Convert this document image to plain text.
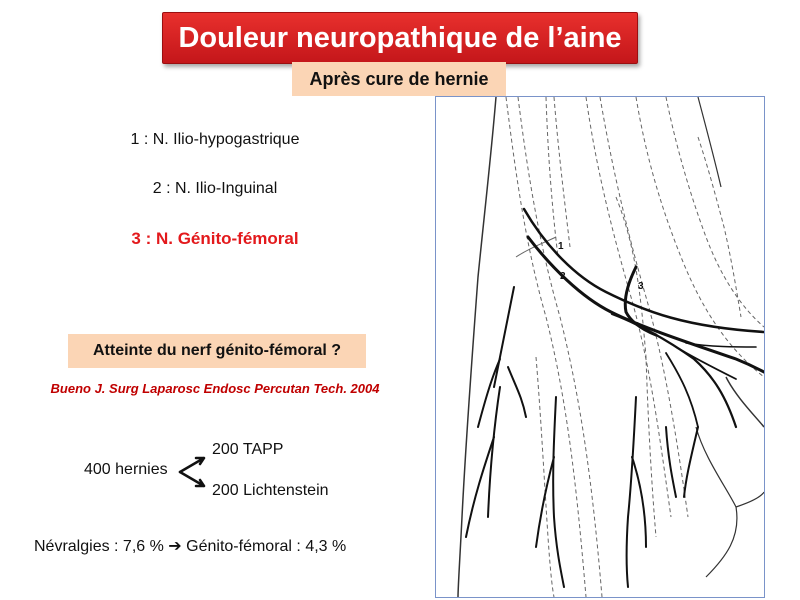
Douleur neuropathique de l’aine
Après cure de hernie
1 : N. Ilio-hypogastrique
2 : N. Ilio-Inguinal
3 : N. Génito-fémoral
Atteinte du nerf génito-fémoral ?
Bueno J. Surg Laparosc Endosc Percutan Tech. 2004
400 hernies
200 TAPP
200 Lichtenstein
Névralgies : 7,6 % ➔ Génito-fémoral : 4,3 %
1
2
3
